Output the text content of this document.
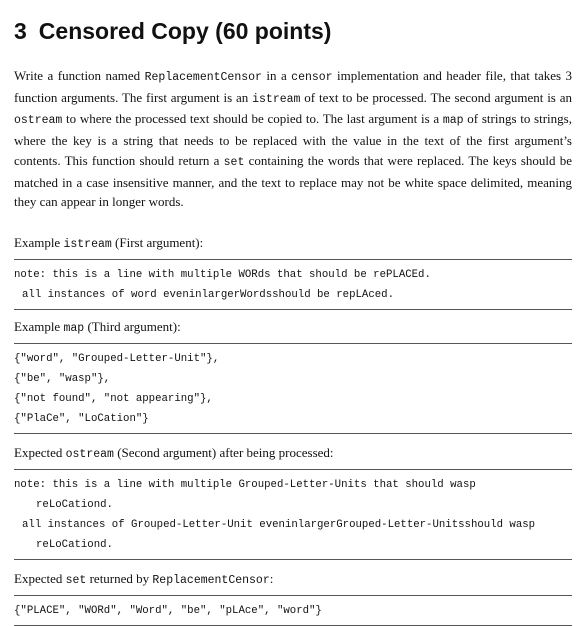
3 Censored Copy (60 points)

Write a function named ReplacementCensor in a censor implementation and header file, that takes 3 function arguments. The first argument is an istream of text to be processed. The second argument is an ostream to where the processed text should be copied to. The last argument is a map of strings to strings, where the key is a string that needs to be replaced with the value in the text of the first argument’s contents. This function should return a set containing the words that were replaced. The keys should be matched in a case insensitive manner, and the text to replace may not be white space delimited, meaning they can appear in longer words.

Example istream (First argument):
note: this is a line with multiple WORds that should be rePLACEd.
all instances of word eveninlargerWordsshould be repLAced.
Example map (Third argument):
{"word", "Grouped-Letter-Unit"},
{"be", "wasp"},
{"not found", "not appearing"},
{"PlaCe", "LoCation"}
Expected ostream (Second argument) after being processed:
note: this is a line with multiple Grouped-Letter-Units that should wasp
reLoCationd.
all instances of Grouped-Letter-Unit eveninlargerGrouped-Letter-Unitsshould wasp
reLoCationd.
Expected set returned by ReplacementCensor:
{"PLACE", "WORd", "Word", "be", "pLAce", "word"}
